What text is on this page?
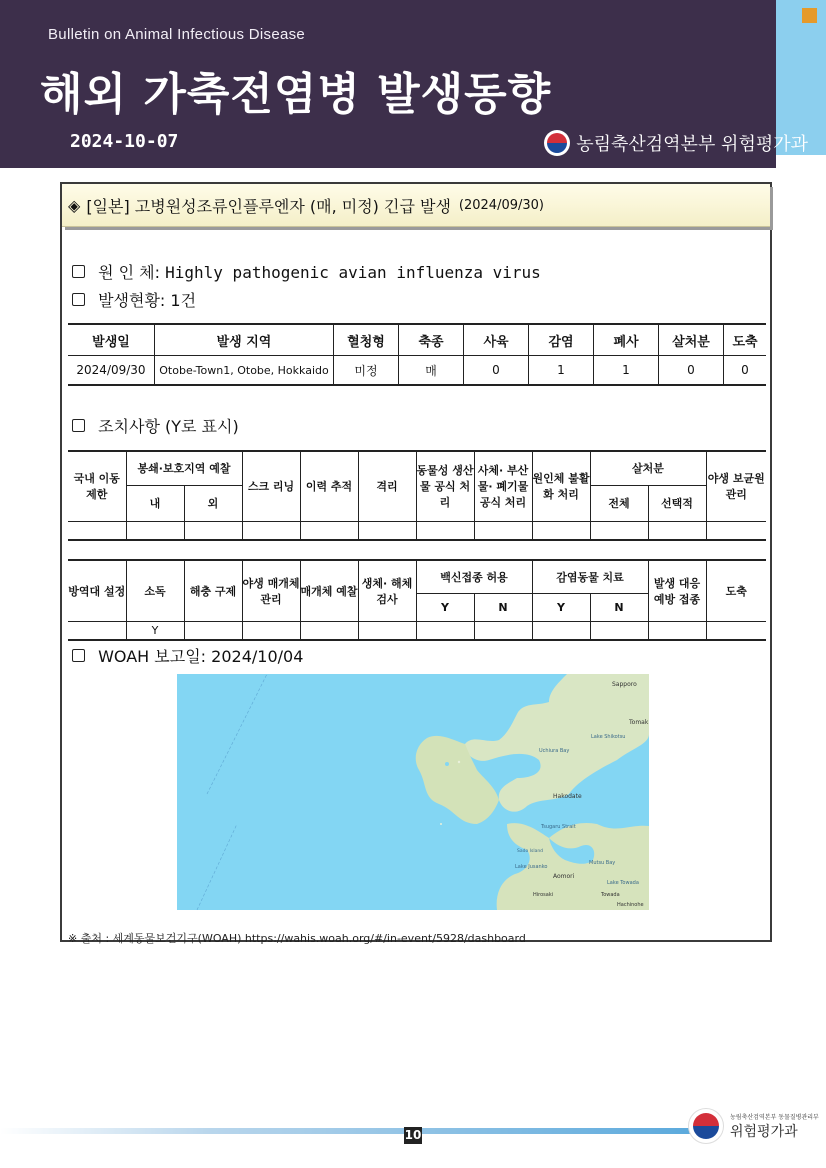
Bulletin on Animal Infectious Disease
해외 가축전염병 발생동향
2024-10-07	농림축산검역본부 위험평가과
◈ [일본] 고병원성조류인플루엔자 (매, 미정) 긴급 발생 (2024/09/30)
원 인 체: Highly pathogenic avian influenza virus
발생현황: 1건
발생일	발생 지역	혈청형	축종	사육	감염	폐사	살처분	도축
2024/09/30	Otobe-Town1, Otobe, Hokkaido	미정	매	0	1	1	0	0
조치사항 (Y로 표시)
국내 이동 제한	봉쇄·보호지역 예찰		스크 리닝	이력 추적	격리	동물성 생산물 공식 처리	사체· 부산물· 폐기물 공식 처리	원인체 불활화 처리	살처분		야생 보균원 관리
	내	외							전체	선택적	

방역대 설정	소독	해충 구제	야생 매개체 관리	매개체 예찰	생체· 해체 검사	백신접종 허용		감염동물 치료		발생 대응 예방 접종	도축
						Y	N	Y	N		
	Y										
WOAH 보고일: 2024/10/04
Sapporo
Tomak
Lake Shikotsu
Uchiura Bay
Hakodate
Tsugaru Strait
Mutsu Bay
Lake Jusanko
Aomori
Lake Towada
Towada
Hirosaki
Hachinohe
Sado Island
※ 출처 : 세계동물보건기구(WOAH) https://wahis.woah.org/#/in-event/5928/dashboard
10
농림축산검역본부 동물질병관리부
위험평가과
